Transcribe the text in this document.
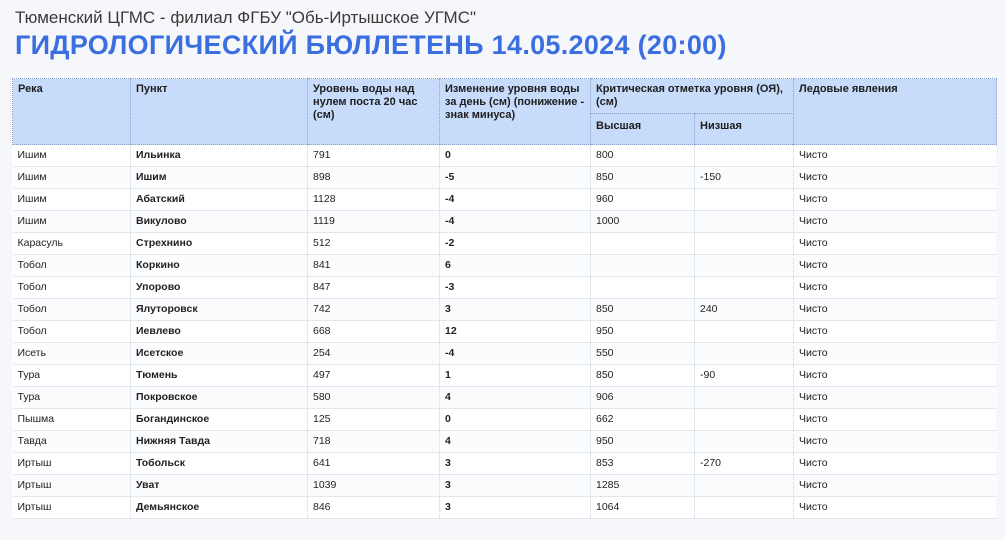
Тюменский ЦГМС - филиал ФГБУ "Обь-Иртышское УГМС"
ГИДРОЛОГИЧЕСКИЙ БЮЛЛЕТЕНЬ 14.05.2024 (20:00)
Река	Пункт	Уровень воды над нулем поста 20 час (см)	Изменение уровня воды за день (см) (понижение - знак минуса)	Критическая отметка уровня (ОЯ), (см)		Ледовые явления
				Высшая	Низшая	
Ишим	Ильинка	791	0	800		Чисто
Ишим	Ишим	898	-5	850	-150	Чисто
Ишим	Абатский	1128	-4	960		Чисто
Ишим	Викулово	1119	-4	1000		Чисто
Карасуль	Стрехнино	512	-2			Чисто
Тобол	Коркино	841	6			Чисто
Тобол	Упорово	847	-3			Чисто
Тобол	Ялуторовск	742	3	850	240	Чисто
Тобол	Иевлево	668	12	950		Чисто
Исеть	Исетское	254	-4	550		Чисто
Тура	Тюмень	497	1	850	-90	Чисто
Тура	Покровское	580	4	906		Чисто
Пышма	Богандинское	125	0	662		Чисто
Тавда	Нижняя Тавда	718	4	950		Чисто
Иртыш	Тобольск	641	3	853	-270	Чисто
Иртыш	Уват	1039	3	1285		Чисто
Иртыш	Демьянское	846	3	1064		Чисто
